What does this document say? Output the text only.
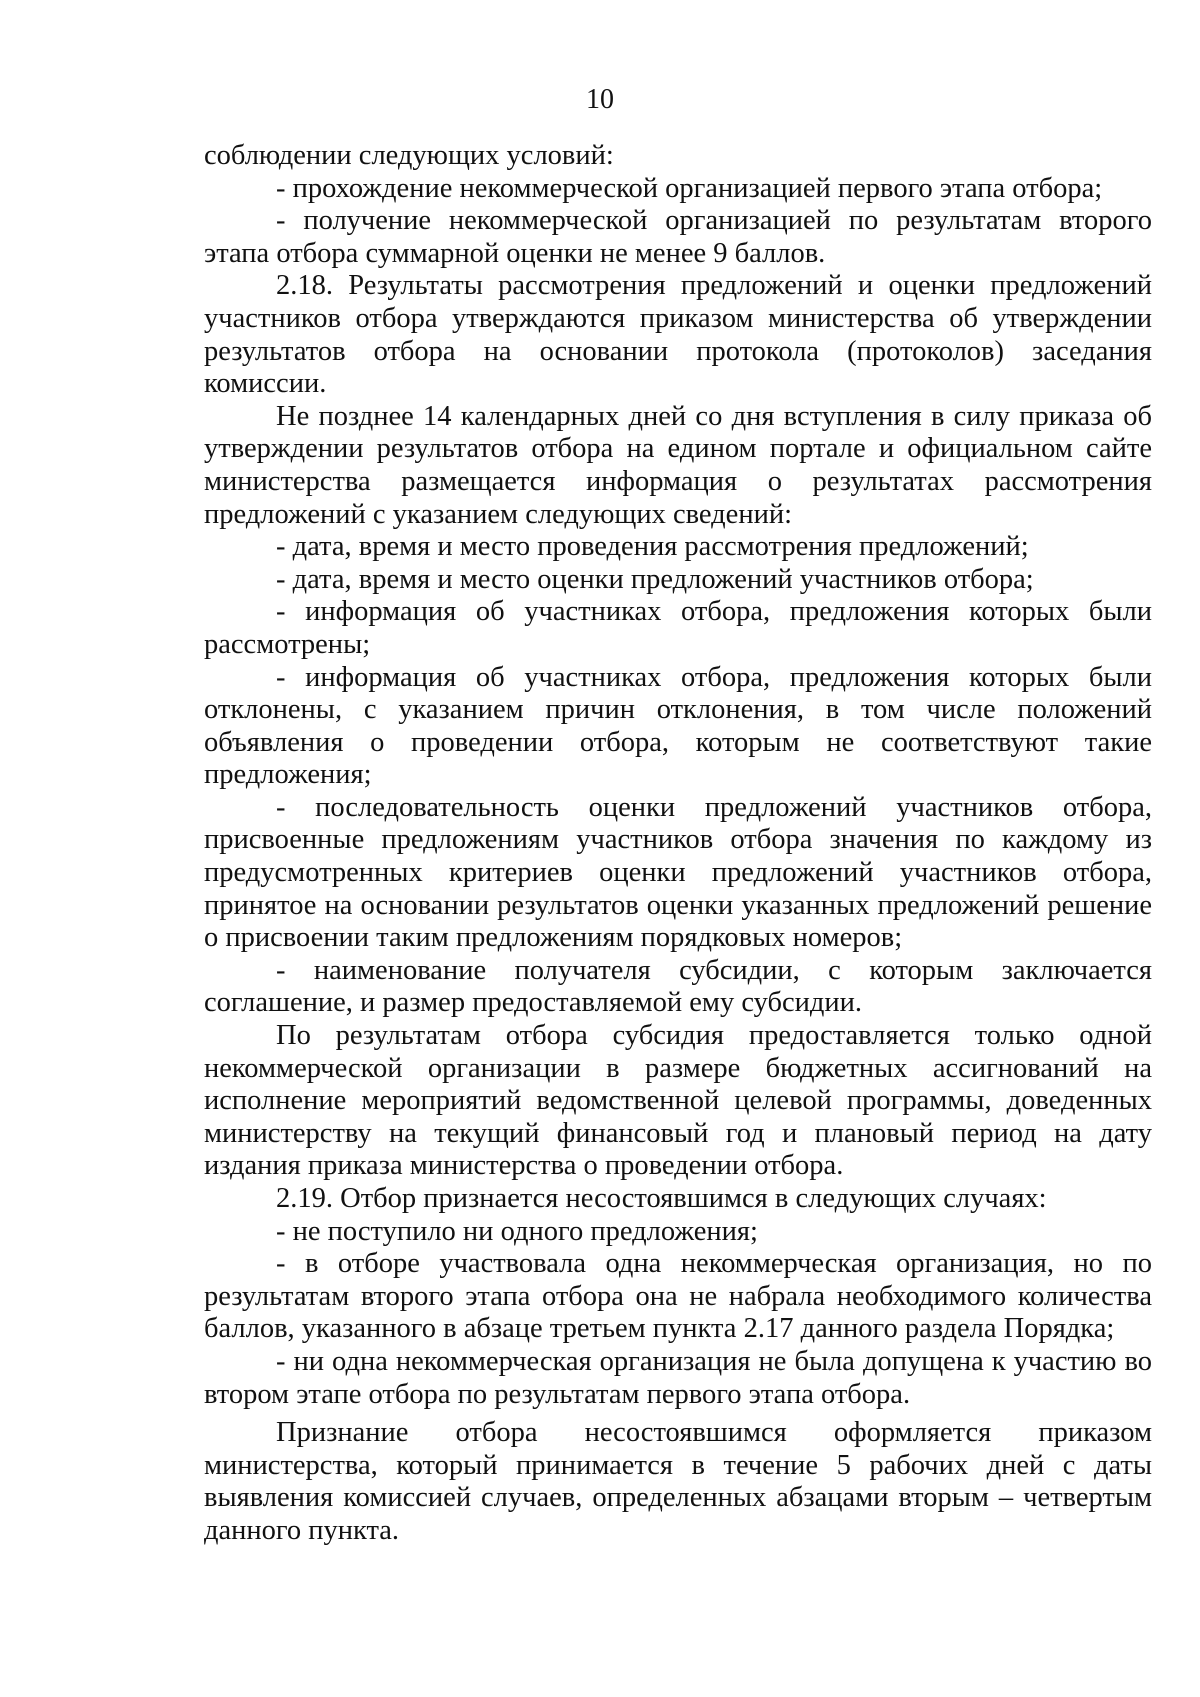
10

соблюдении следующих условий:

- прохождение некоммерческой организацией первого этапа отбора;

- получение некоммерческой организацией по результатам второго этапа отбора суммарной оценки не менее 9 баллов.

2.18. Результаты рассмотрения предложений и оценки предложений участников отбора утверждаются приказом министерства об утверждении результатов отбора на основании протокола (протоколов) заседания комиссии.

Не позднее 14 календарных дней со дня вступления в силу приказа об утверждении результатов отбора на едином портале и официальном сайте министерства размещается информация о результатах рассмотрения предложений с указанием следующих сведений:

- дата, время и место проведения рассмотрения предложений;

- дата, время и место оценки предложений участников отбора;

- информация об участниках отбора, предложения которых были рассмотрены;

- информация об участниках отбора, предложения которых были отклонены, с указанием причин отклонения, в том числе положений объявления о проведении отбора, которым не соответствуют такие предложения;

- последовательность оценки предложений участников отбора, присвоенные предложениям участников отбора значения по каждому из предусмотренных критериев оценки предложений участников отбора, принятое на основании результатов оценки указанных предложений решение о присвоении таким предложениям порядковых номеров;

- наименование получателя субсидии, с которым заключается соглашение, и размер предоставляемой ему субсидии.

По результатам отбора субсидия предоставляется только одной некоммерческой организации в размере бюджетных ассигнований на исполнение мероприятий ведомственной целевой программы, доведенных министерству на текущий финансовый год и плановый период на дату издания приказа министерства о проведении отбора.

2.19. Отбор признается несостоявшимся в следующих случаях:

- не поступило ни одного предложения;

- в отборе участвовала одна некоммерческая организация, но по результатам второго этапа отбора она не набрала необходимого количества баллов, указанного в абзаце третьем пункта 2.17 данного раздела Порядка;

- ни одна некоммерческая организация не была допущена к участию во втором этапе отбора по результатам первого этапа отбора.

Признание отбора несостоявшимся оформляется приказом министерства, который принимается в течение 5 рабочих дней с даты выявления комиссией случаев, определенных абзацами вторым – четвертым данного пункта.
